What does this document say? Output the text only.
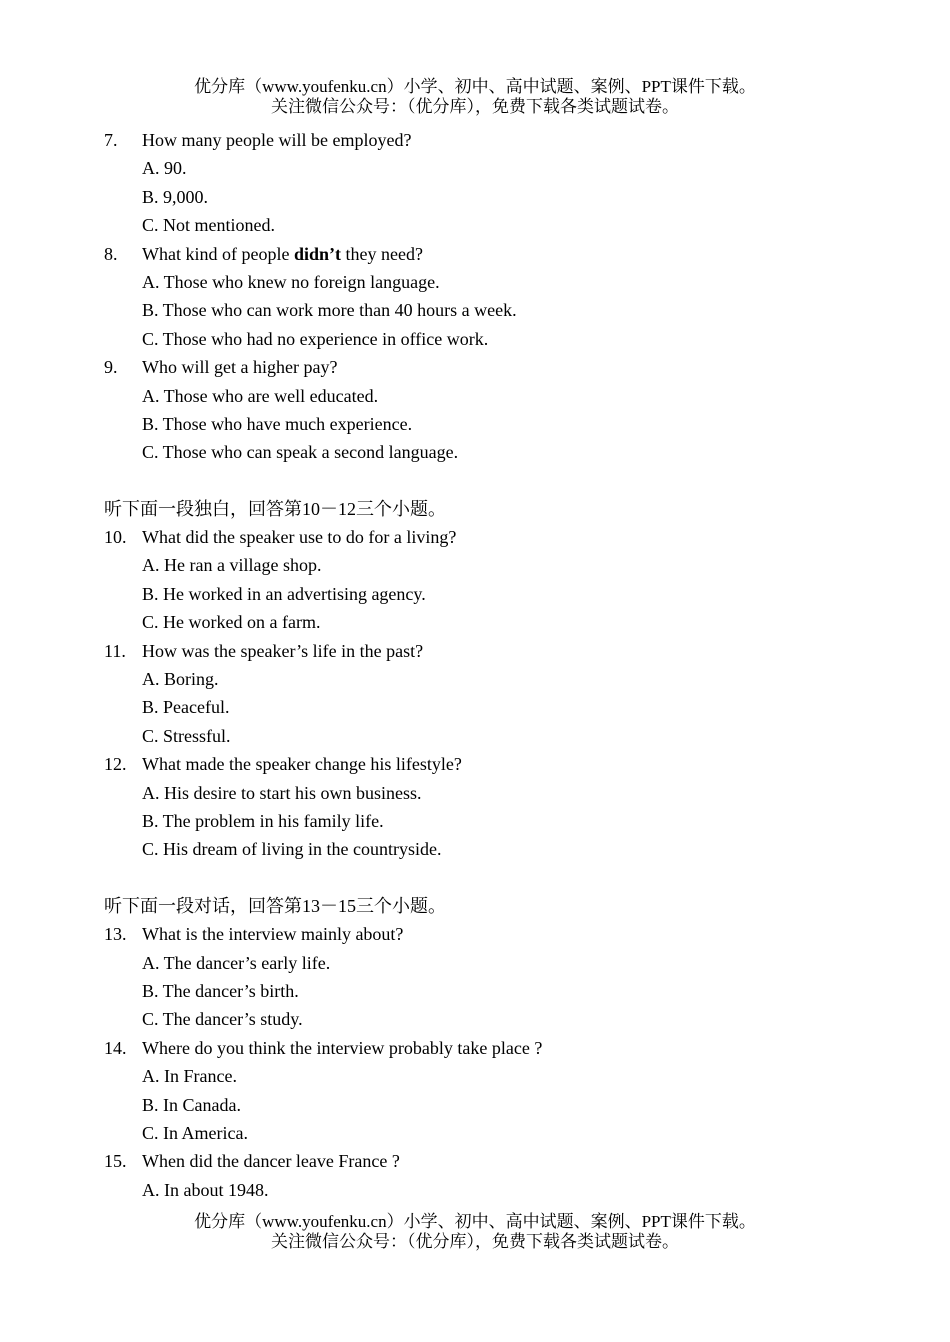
优分库（www.youfenku.cn）小学、初中、高中试题、案例、PPT课件下载。
关注微信公众号：（优分库），免费下载各类试题试卷。
7.	How many people will be employed?
A. 90.
B. 9,000.
C. Not mentioned.
8.	What kind of people didn’t they need?
A. Those who knew no foreign language.
B. Those who can work more than 40 hours a week.
C. Those who had no experience in office work.
9.	Who will get a higher pay?
A. Those who are well educated.
B. Those who have much experience.
C. Those who can speak a second language.
听下面一段独白，回答第10－12三个小题。
10. What did the speaker use to do for a living?
A. He ran a village shop.
B. He worked in an advertising agency.
C. He worked on a farm.
11. How was the speaker’s life in the past?
A. Boring.
B. Peaceful.
C. Stressful.
12. What made the speaker change his lifestyle?
A. His desire to start his own business.
B. The problem in his family life.
C. His dream of living in the countryside.
听下面一段对话，回答第13－15三个小题。
13. What is the interview mainly about?
A. The dancer’s early life.
B. The dancer’s birth.
C. The dancer’s study.
14. Where do you think the interview probably take place ?
A. In France.
B. In Canada.
C. In America.
15. When did the dancer leave France ?
A. In about 1948.
优分库（www.youfenku.cn）小学、初中、高中试题、案例、PPT课件下载。
关注微信公众号：（优分库），免费下载各类试题试卷。
